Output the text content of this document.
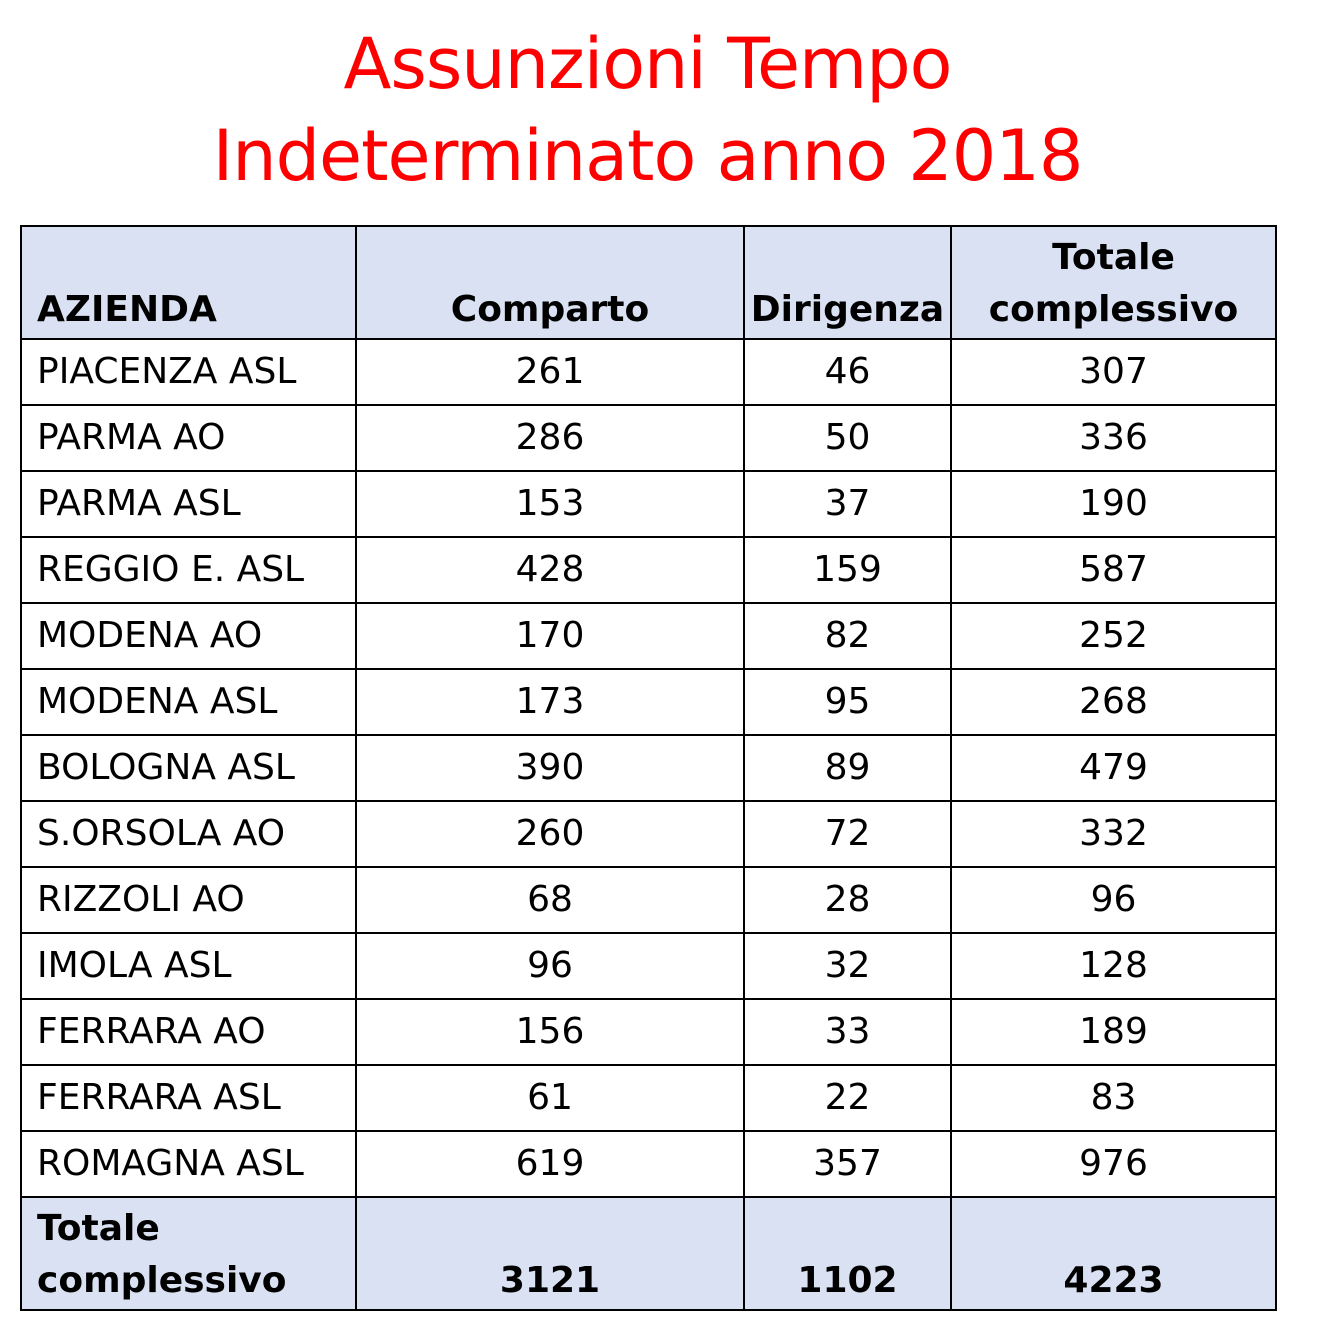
Assunzioni Tempo
Indeterminato anno 2018
AZIENDA	Comparto	Dirigenza	Totale
complessivo

PIACENZA ASL	261	46	307
PARMA AO	286	50	336
PARMA ASL	153	37	190
REGGIO E. ASL	428	159	587
MODENA AO	170	82	252
MODENA ASL	173	95	268
BOLOGNA ASL	390	89	479
S.ORSOLA AO	260	72	332
RIZZOLI AO	68	28	96
IMOLA ASL	96	32	128
FERRARA AO	156	33	189
FERRARA ASL	61	22	83
ROMAGNA ASL	619	357	976

Totale
complessivo	3121	1102	4223
